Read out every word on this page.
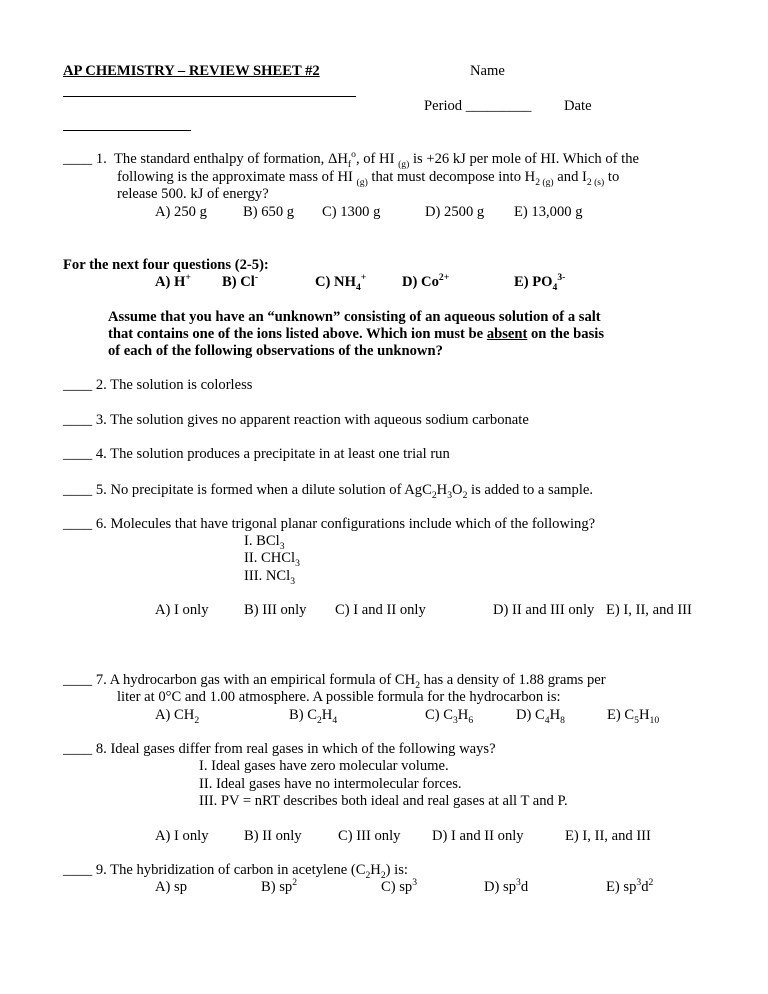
AP CHEMISTRY – REVIEW SHEET #2	Name
Period _________ Date
____ 1. The standard enthalpy of formation, $\Delta H_f^o$, of HI $_{(g)}$ is +26 kJ per mole of HI. Which of the
following is the approximate mass of HI $_{(g)}$ that must decompose into $H_2$ $_{(g)}$ and $I_{2 (s)}$ to
release 500. kJ of energy?
A) 250 g B) 650 g C) 1300 g	D) 2500 g E) 13,000 g
For the next four questions (2-5):
A) H+ B) Cl-	C) $NH_4^+$ D) $Co^{2+}$	E) $PO_4^{3-}$
Assume that you have an “unknown” consisting of an aqueous solution of a salt
that contains one of the ions listed above. Which ion must be absent on the basis
of each of the following observations of the unknown?
____ 2. The solution is colorless
____ 3. The solution gives no apparent reaction with aqueous sodium carbonate
____ 4. The solution produces a precipitate in at least one trial run
____ 5. No precipitate is formed when a dilute solution of $AgC_2H_3O_2$ is added to a sample.
____ 6. Molecules that have trigonal planar configurations include which of the following?
I. BCl$_3$
II. CHCl$_3$
III. NCl$_3$
A) I only B) III only C) I and II only	D) II and III only E) I, II, and III
____ 7. A hydrocarbon gas with an empirical formula of $CH_2$ has a density of 1.88 grams per
liter at 0°C and 1.00 atmosphere. A possible formula for the hydrocarbon is:
A) $CH_2$	B) $C_2H_4$	C) $C_3H_6$	D) $C_4H_8$	E) $C_5H_{10}$
____ 8. Ideal gases differ from real gases in which of the following ways?
I. Ideal gases have zero molecular volume.
II. Ideal gases have no intermolecular forces.
III. PV = nRT describes both ideal and real gases at all T and P.
A) I only B) II only C) III only D) I and II only	E) I, II, and III
____ 9. The hybridization of carbon in acetylene $(C_2H_2)$ is:
A) sp	B) $sp^2$	C) $sp^3$	D) $sp^3d$	E) $sp^3d^2$
